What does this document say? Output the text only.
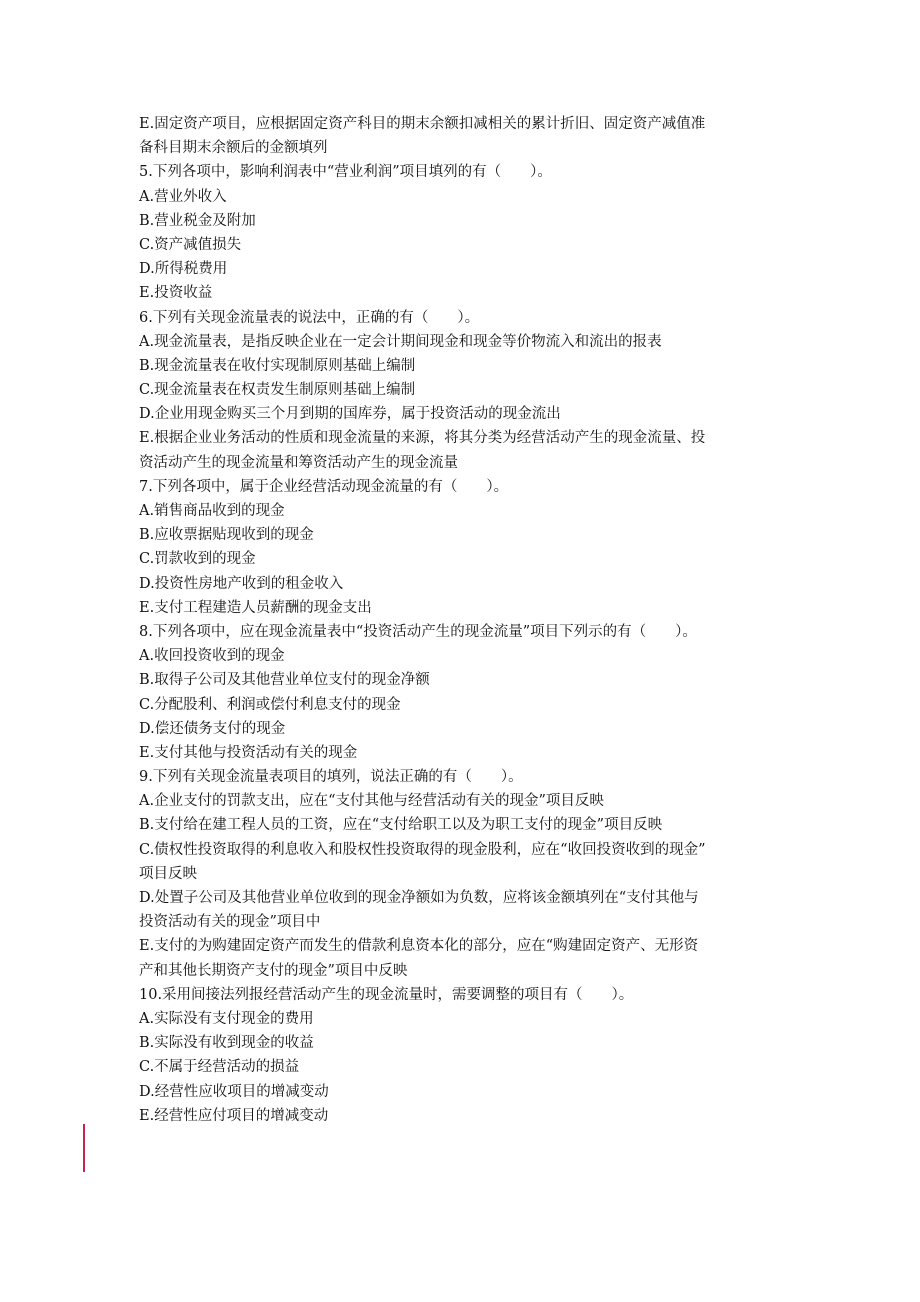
E.固定资产项目，应根据固定资产科目的期末余额扣减相关的累计折旧、固定资产减值准
备科目期末余额后的金额填列
5.下列各项中，影响利润表中“营业利润”项目填列的有（　　）。
A.营业外收入
B.营业税金及附加
C.资产减值损失
D.所得税费用
E.投资收益
6.下列有关现金流量表的说法中，正确的有（　　）。
A.现金流量表，是指反映企业在一定会计期间现金和现金等价物流入和流出的报表
B.现金流量表在收付实现制原则基础上编制
C.现金流量表在权责发生制原则基础上编制
D.企业用现金购买三个月到期的国库券，属于投资活动的现金流出
E.根据企业业务活动的性质和现金流量的来源，将其分类为经营活动产生的现金流量、投
资活动产生的现金流量和筹资活动产生的现金流量
7.下列各项中，属于企业经营活动现金流量的有（　　）。
A.销售商品收到的现金
B.应收票据贴现收到的现金
C.罚款收到的现金
D.投资性房地产收到的租金收入
E.支付工程建造人员薪酬的现金支出
8.下列各项中，应在现金流量表中“投资活动产生的现金流量”项目下列示的有（　　）。
A.收回投资收到的现金
B.取得子公司及其他营业单位支付的现金净额
C.分配股利、利润或偿付利息支付的现金
D.偿还债务支付的现金
E.支付其他与投资活动有关的现金
9.下列有关现金流量表项目的填列，说法正确的有（　　）。
A.企业支付的罚款支出，应在“支付其他与经营活动有关的现金”项目反映
B.支付给在建工程人员的工资，应在“支付给职工以及为职工支付的现金”项目反映
C.债权性投资取得的利息收入和股权性投资取得的现金股利，应在“收回投资收到的现金”
项目反映
D.处置子公司及其他营业单位收到的现金净额如为负数，应将该金额填列在“支付其他与
投资活动有关的现金”项目中
E.支付的为购建固定资产而发生的借款利息资本化的部分，应在“购建固定资产、无形资
产和其他长期资产支付的现金”项目中反映
10.采用间接法列报经营活动产生的现金流量时，需要调整的项目有（　　）。
A.实际没有支付现金的费用
B.实际没有收到现金的收益
C.不属于经营活动的损益
D.经营性应收项目的增减变动
E.经营性应付项目的增减变动
